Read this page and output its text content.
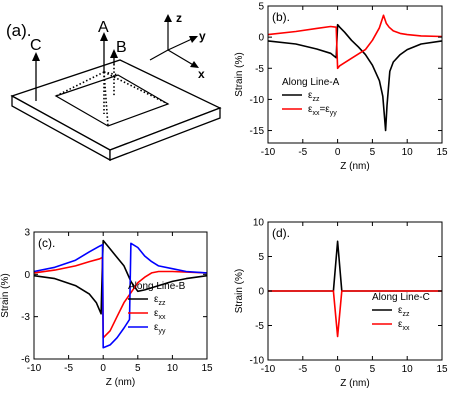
(a).
C
A
B
z
y
x
-10 -5	0	5	10 15
5
0
-5
-10
-15
Z (nm)
Strain (%)
(b).
Along Line-A
$\varepsilon_{zz}$
$\varepsilon_{xx}=\varepsilon_{yy}$
-10 -5	0	5	10 15
3
0
-3
-6
Z (nm)
Strain (%)
(c).
Along Line-B
$\varepsilon_{zz}$
$\varepsilon_{xx}$
$\varepsilon_{yy}$
-10 -5	0	5	10 15
10
5
0
-5
-10
Z (nm)
Strain (%)
(d).
Along Line-C
$\varepsilon_{zz}$
$\varepsilon_{xx}$
